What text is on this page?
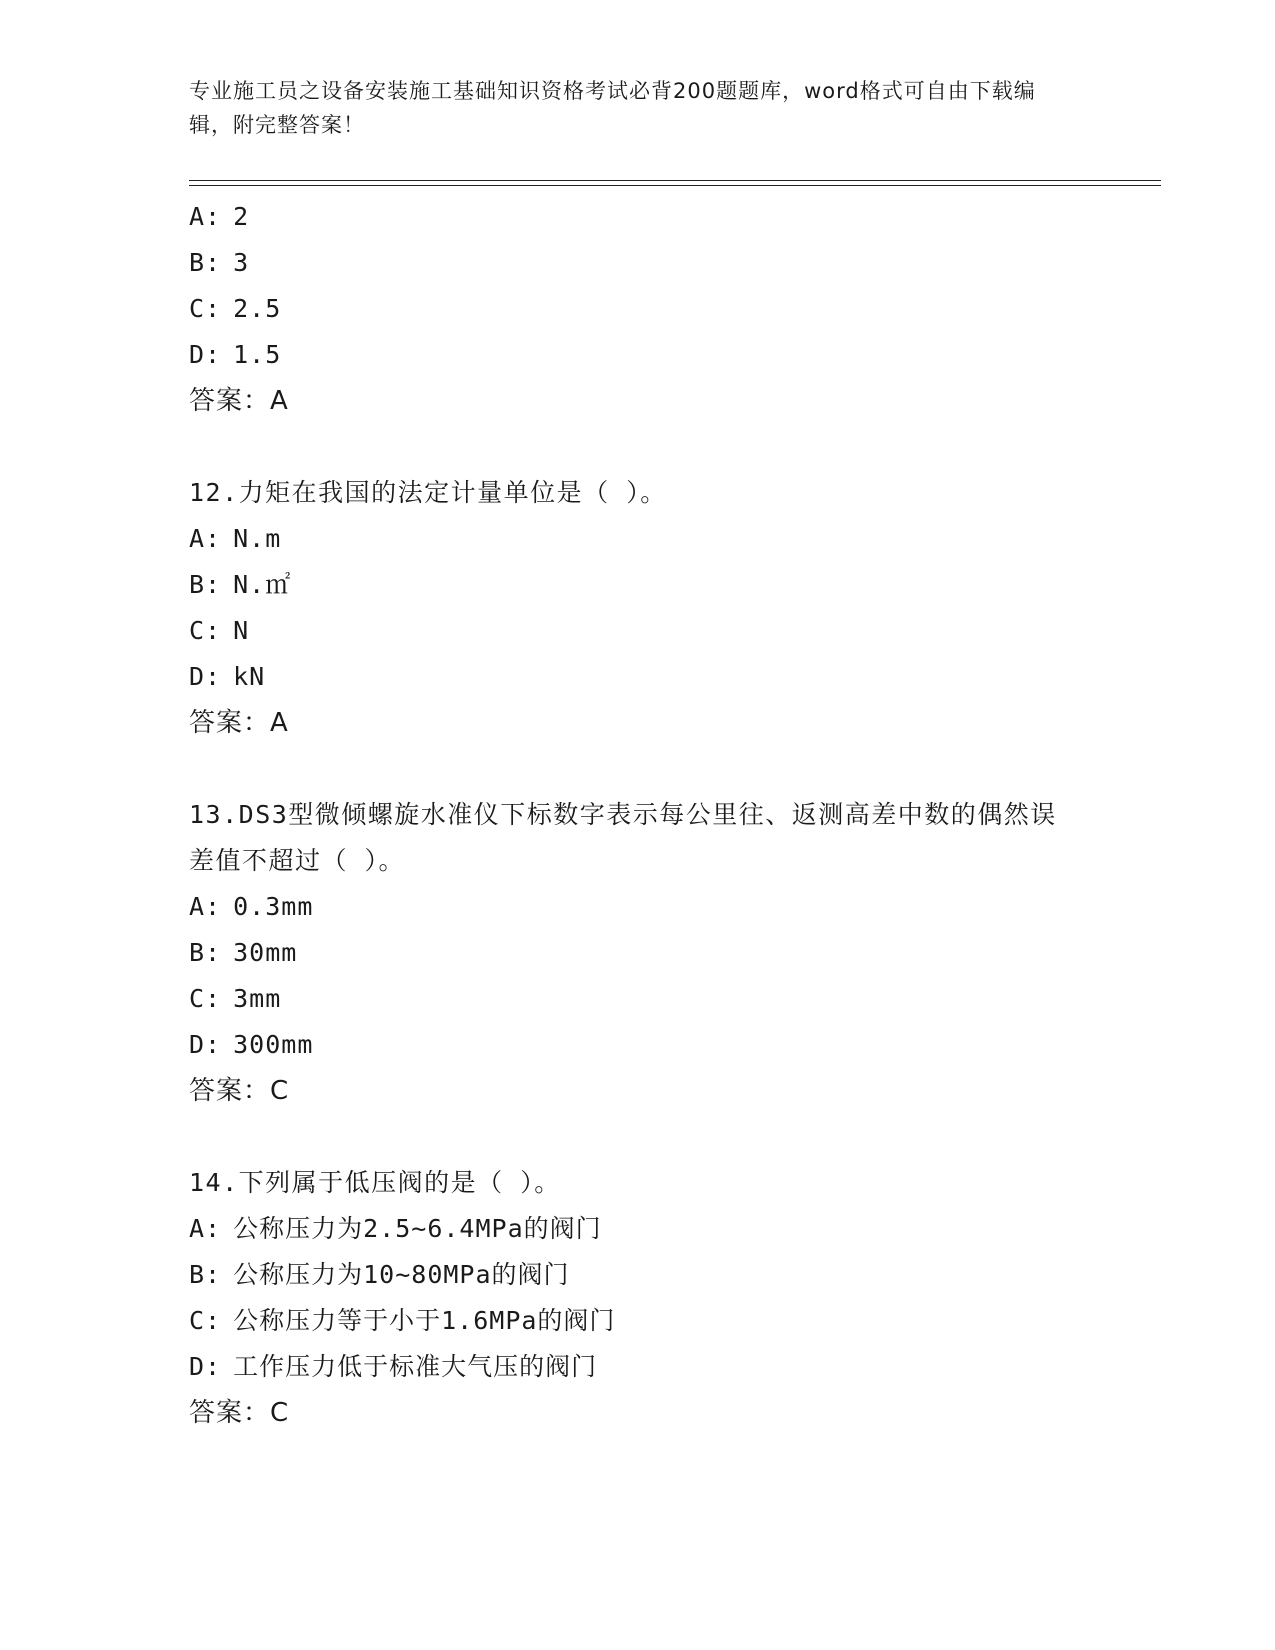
专业施工员之设备安装施工基础知识资格考试必背200题题库，word格式可自由下载编辑，附完整答案！
A: 2
B: 3
C: 2.5
D: 1.5
答案：A
12.力矩在我国的法定计量单位是（ ）。
A: N.m
B: N.㎡
C: N
D: kN
答案：A
13.DS3型微倾螺旋水准仪下标数字表示每公里往、返测高差中数的偶然误差值不超过（ ）。
A: 0.3mm
B: 30mm
C: 3mm
D: 300mm
答案：C
14.下列属于低压阀的是（ ）。
A: 公称压力为2.5~6.4MPa的阀门
B: 公称压力为10~80MPa的阀门
C: 公称压力等于小于1.6MPa的阀门
D: 工作压力低于标准大气压的阀门
答案：C
